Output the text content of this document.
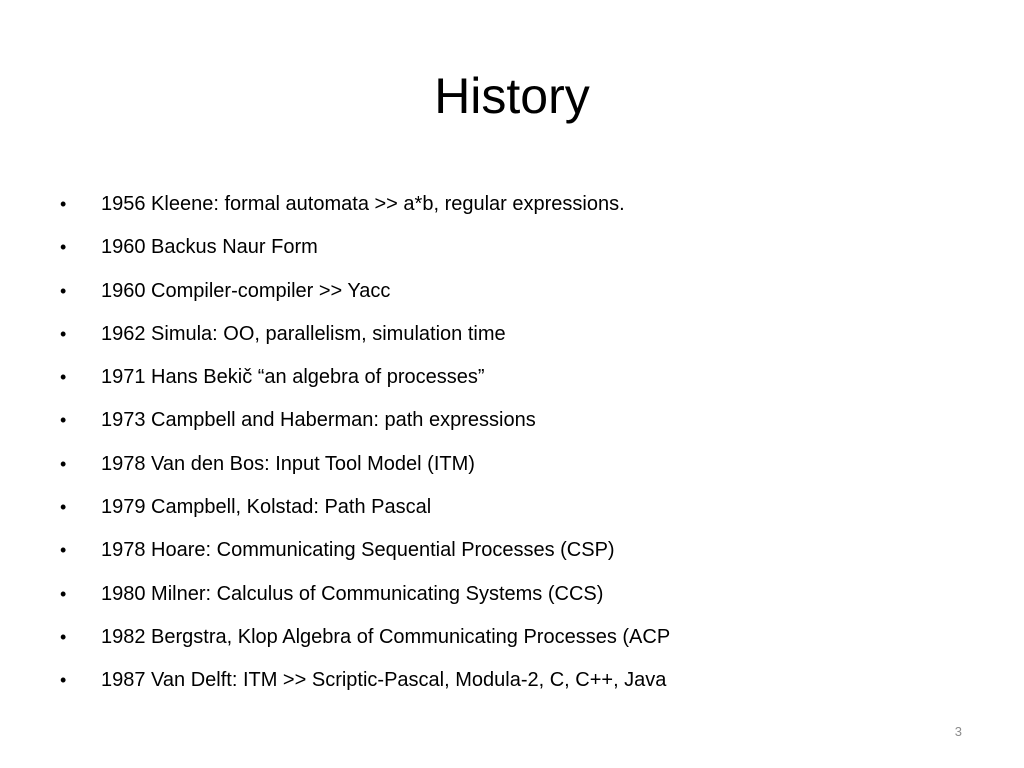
History
• 1956 Kleene: formal automata >> a*b, regular expressions.
• 1960 Backus Naur Form
• 1960 Compiler-compiler >> Yacc
• 1962 Simula: OO, parallelism, simulation time
• 1971 Hans Bekič “an algebra of processes”
• 1973 Campbell and Haberman: path expressions
• 1978 Van den Bos: Input Tool Model (ITM)
• 1979 Campbell, Kolstad: Path Pascal
• 1978 Hoare: Communicating Sequential Processes (CSP)
• 1980 Milner: Calculus of Communicating Systems (CCS)
• 1982 Bergstra, Klop Algebra of Communicating Processes (ACP
• 1987 Van Delft: ITM >> Scriptic-Pascal, Modula-2, C, C++, Java
3
